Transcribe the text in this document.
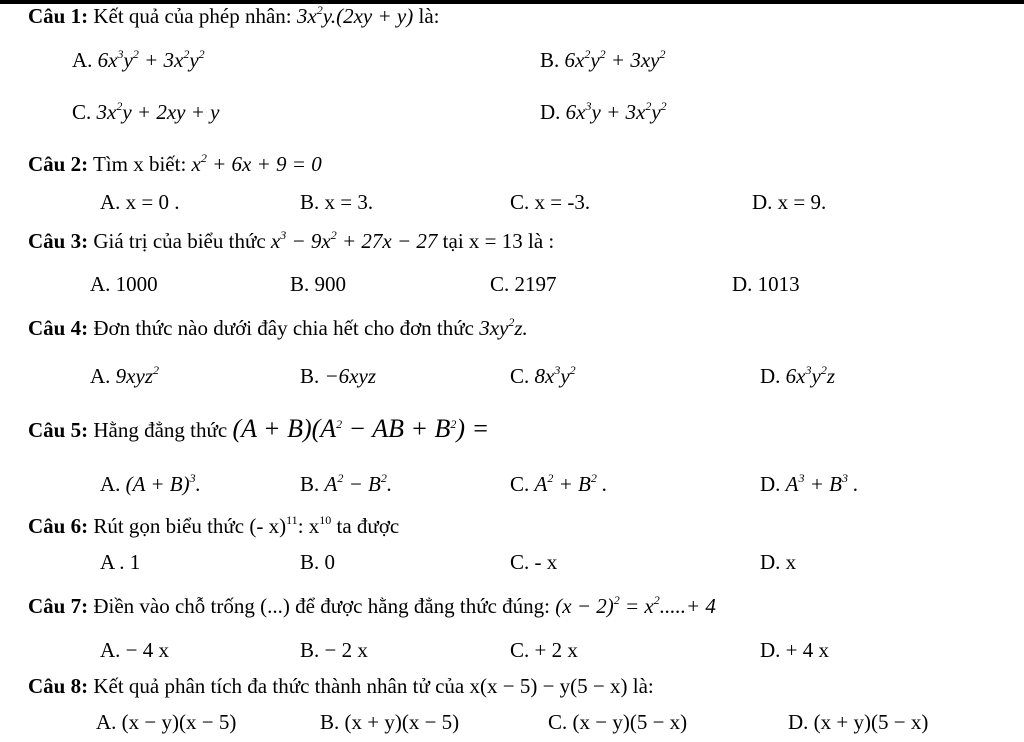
Câu 1: Kết quả của phép nhân: $3x^2y.(2xy + y)$ là:
A. $6x^3y^2 + 3x^2y^2$	B. $6x^2y^2 + 3xy^2$
C. $3x^2y + 2xy + y$	D. $6x^3y + 3x^2y^2$
Câu 2: Tìm x biết: $x^2 + 6x + 9 = 0$
A. x = 0 .	B. x = 3.	C. x = -3.	D. x = 9.
Câu 3: Giá trị của biểu thức $x^3 - 9x^2 + 27x - 27$ tại x = 13 là :
A. 1000	B. 900	C. 2197	D. 1013
Câu 4: Đơn thức nào dưới đây chia hết cho đơn thức $3xy^2z$.
A. 9xyz$^2$	B. −6xyz	C. $8x^3y^2$	D. $6x^3y^2z$
Câu 5: Hằng đẳng thức $(A + B)(A^2$ − AB + $B^2$) =
A. $(A + B)^3$.	B. $A^2 - B^2$.	C. $A^2 + B^2$ .	D. $A^3 + B^3$ .
Câu 6: Rút gọn biểu thức (- x)$^{11}$: $x^{10}$ ta được
A . 1	B. 0	C. - x	D. x
Câu 7: Điền vào chỗ trống (...) để được hằng đẳng thức đúng: $(x - 2)^2 = x^2.....+ 4$
A. − 4 x	B. − 2 x	C. + 2 x	D. + 4 x
Câu 8: Kết quả phân tích đa thức thành nhân tử của x(x − 5) − y(5 − x) là:
A. (x − y)(x − 5)	B. (x + y)(x − 5)	C. (x − y)(5 − x)	D. (x + y)(5 − x)
